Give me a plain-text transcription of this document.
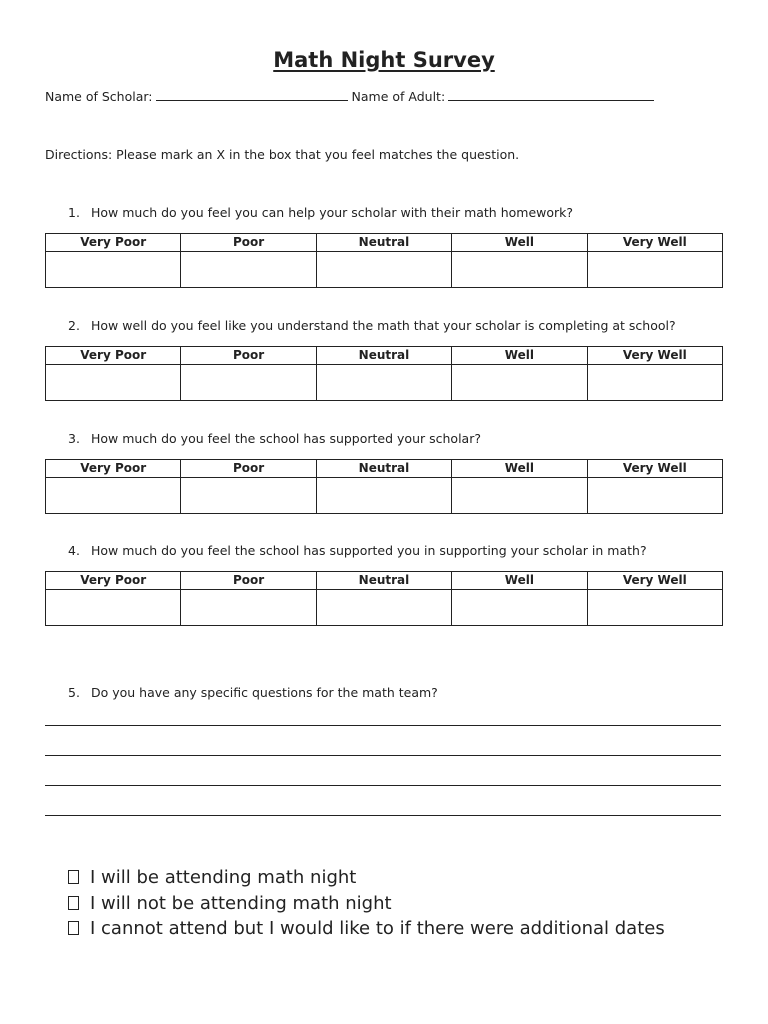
Math Night Survey
Name of Scholar:	Name of Adult:
Directions: Please mark an X in the box that you feel matches the question.
1. How much do you feel you can help your scholar with their math homework?
Very Poor	Poor	Neutral	Well	Very Well

2. How well do you feel like you understand the math that your scholar is completing at school?
Very Poor	Poor	Neutral	Well	Very Well

3. How much do you feel the school has supported your scholar?
Very Poor	Poor	Neutral	Well	Very Well

4. How much do you feel the school has supported you in supporting your scholar in math?
Very Poor	Poor	Neutral	Well	Very Well

5. Do you have any specific questions for the math team?
I will be attending math night
I will not be attending math night
I cannot attend but I would like to if there were additional dates
